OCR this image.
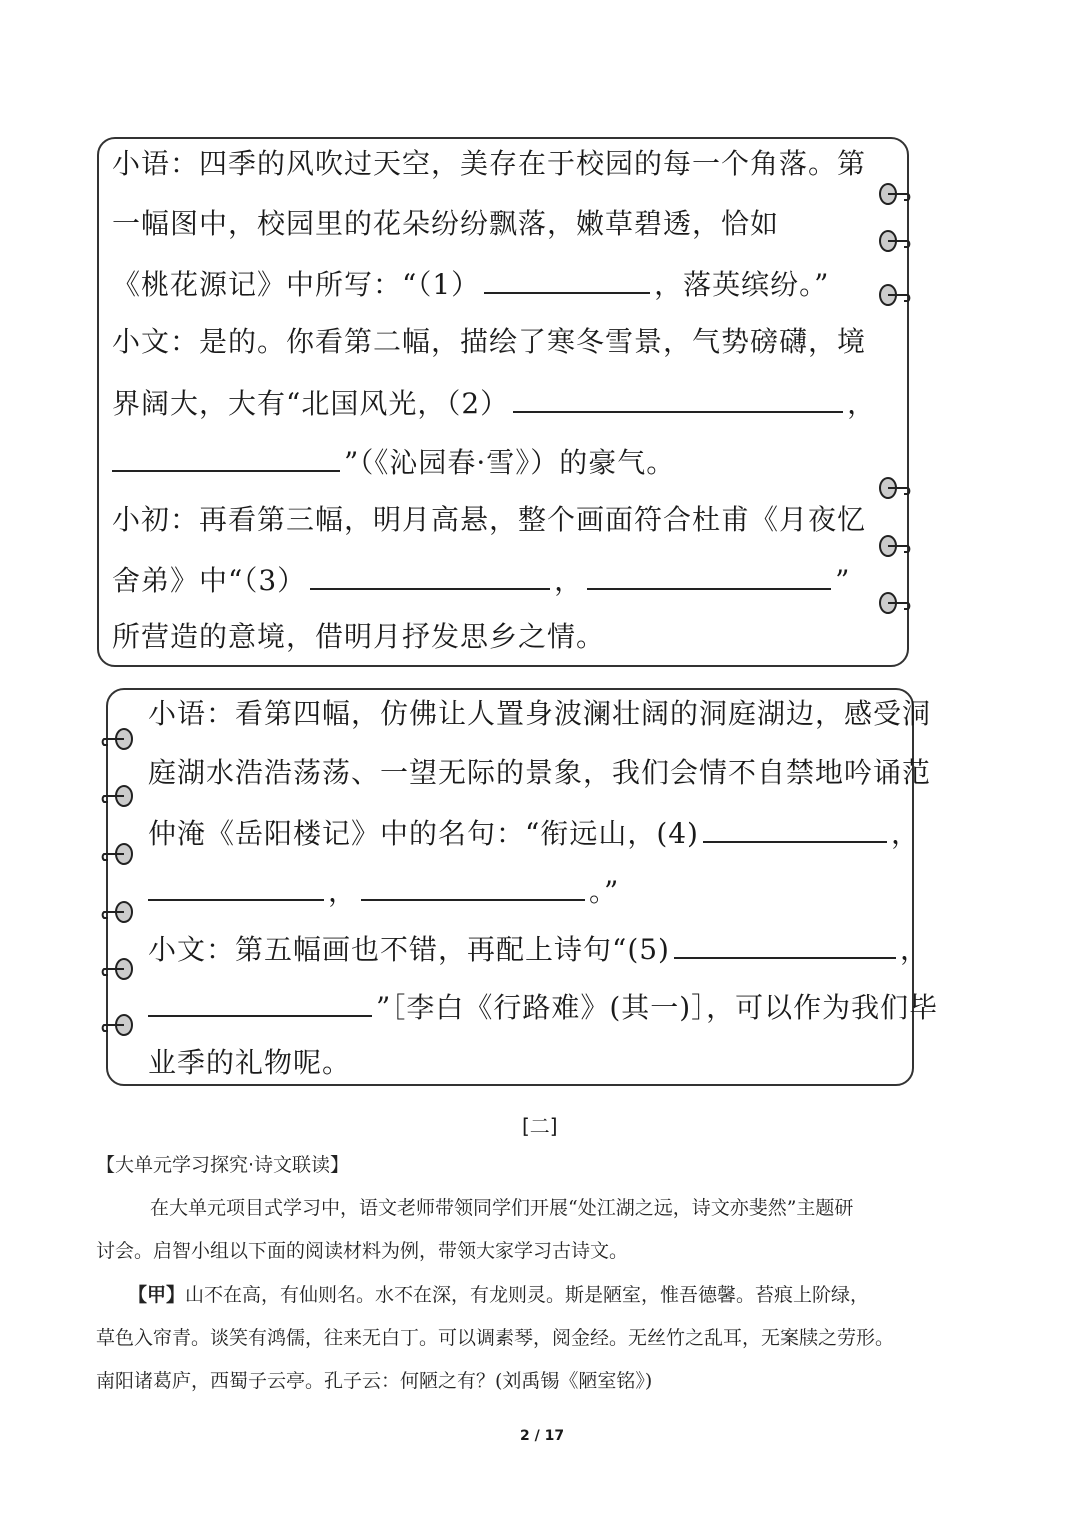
小语：四季的风吹过天空，美存在于校园的每一个角落。第
一幅图中，校园里的花朵纷纷飘落，嫩草碧透，恰如
《桃花源记》中所写：“（1）	，落英缤纷。”
小文：是的。你看第二幅，描绘了寒冬雪景，气势磅礴，境
界阔大，大有“北国风光，（2）	，
”（《沁园春·雪》）的豪气。
小初：再看第三幅，明月高悬，整个画面符合杜甫《月夜忆
舍弟》中“（3）	，	”
所营造的意境，借明月抒发思乡之情。
小语：看第四幅，仿佛让人置身波澜壮阔的洞庭湖边，感受洞
庭湖水浩浩荡荡、一望无际的景象，我们会情不自禁地吟诵范
仲淹《岳阳楼记》中的名句：“衔远山，(4)	，
，	。”
小文：第五幅画也不错，再配上诗句“(5)	，
”［李白《行路难》(其一)］，可以作为我们毕
业季的礼物呢。
[二]
【大单元学习探究·诗文联读】
在大单元项目式学习中，语文老师带领同学们开展“处江湖之远，诗文亦斐然”主题研
讨会。启智小组以下面的阅读材料为例，带领大家学习古诗文。
【甲】山不在高，有仙则名。水不在深，有龙则灵。斯是陋室，惟吾德馨。苔痕上阶绿，
草色入帘青。谈笑有鸿儒，往来无白丁。可以调素琴，阅金经。无丝竹之乱耳，无案牍之劳形。
南阳诸葛庐，西蜀子云亭。孔子云：何陋之有？(刘禹锡《陋室铭》)
2 / 17
